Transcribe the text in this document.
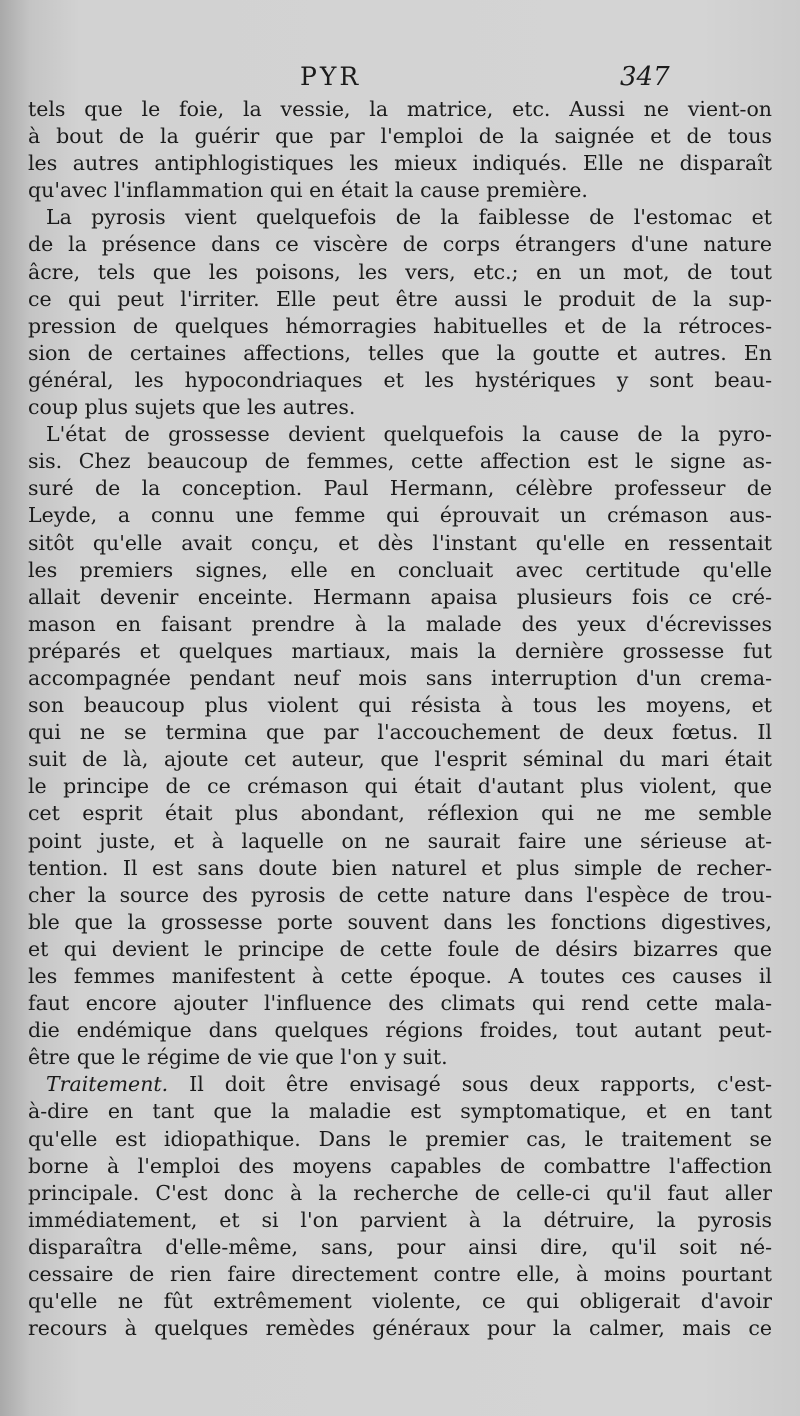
PYR	347
tels que le foie, la vessie, la matrice, etc. Aussi ne vient-on
à bout de la guérir que par l'emploi de la saignée et de tous
les autres antiphlogistiques les mieux indiqués. Elle ne disparaît
qu'avec l'inflammation qui en était la cause première.
La pyrosis vient quelquefois de la faiblesse de l'estomac et
de la présence dans ce viscère de corps étrangers d'une nature
âcre, tels que les poisons, les vers, etc.; en un mot, de tout
ce qui peut l'irriter. Elle peut être aussi le produit de la sup-
pression de quelques hémorragies habituelles et de la rétroces-
sion de certaines affections, telles que la goutte et autres. En
général, les hypocondriaques et les hystériques y sont beau-
coup plus sujets que les autres.
L'état de grossesse devient quelquefois la cause de la pyro-
sis. Chez beaucoup de femmes, cette affection est le signe as-
suré de la conception. Paul Hermann, célèbre professeur de
Leyde, a connu une femme qui éprouvait un crémason aus-
sitôt qu'elle avait conçu, et dès l'instant qu'elle en ressentait
les premiers signes, elle en concluait avec certitude qu'elle
allait devenir enceinte. Hermann apaisa plusieurs fois ce cré-
mason en faisant prendre à la malade des yeux d'écrevisses
préparés et quelques martiaux, mais la dernière grossesse fut
accompagnée pendant neuf mois sans interruption d'un crema-
son beaucoup plus violent qui résista à tous les moyens, et
qui ne se termina que par l'accouchement de deux fœtus. Il
suit de là, ajoute cet auteur, que l'esprit séminal du mari était
le principe de ce crémason qui était d'autant plus violent, que
cet esprit était plus abondant, réflexion qui ne me semble
point juste, et à laquelle on ne saurait faire une sérieuse at-
tention. Il est sans doute bien naturel et plus simple de recher-
cher la source des pyrosis de cette nature dans l'espèce de trou-
ble que la grossesse porte souvent dans les fonctions digestives,
et qui devient le principe de cette foule de désirs bizarres que
les femmes manifestent à cette époque. A toutes ces causes il
faut encore ajouter l'influence des climats qui rend cette mala-
die endémique dans quelques régions froides, tout autant peut-
être que le régime de vie que l'on y suit.
Traitement. Il doit être envisagé sous deux rapports, c'est-
à-dire en tant que la maladie est symptomatique, et en tant
qu'elle est idiopathique. Dans le premier cas, le traitement se
borne à l'emploi des moyens capables de combattre l'affection
principale. C'est donc à la recherche de celle-ci qu'il faut aller
immédiatement, et si l'on parvient à la détruire, la pyrosis
disparaîtra d'elle-même, sans, pour ainsi dire, qu'il soit né-
cessaire de rien faire directement contre elle, à moins pourtant
qu'elle ne fût extrêmement violente, ce qui obligerait d'avoir
recours à quelques remèdes généraux pour la calmer, mais ce
